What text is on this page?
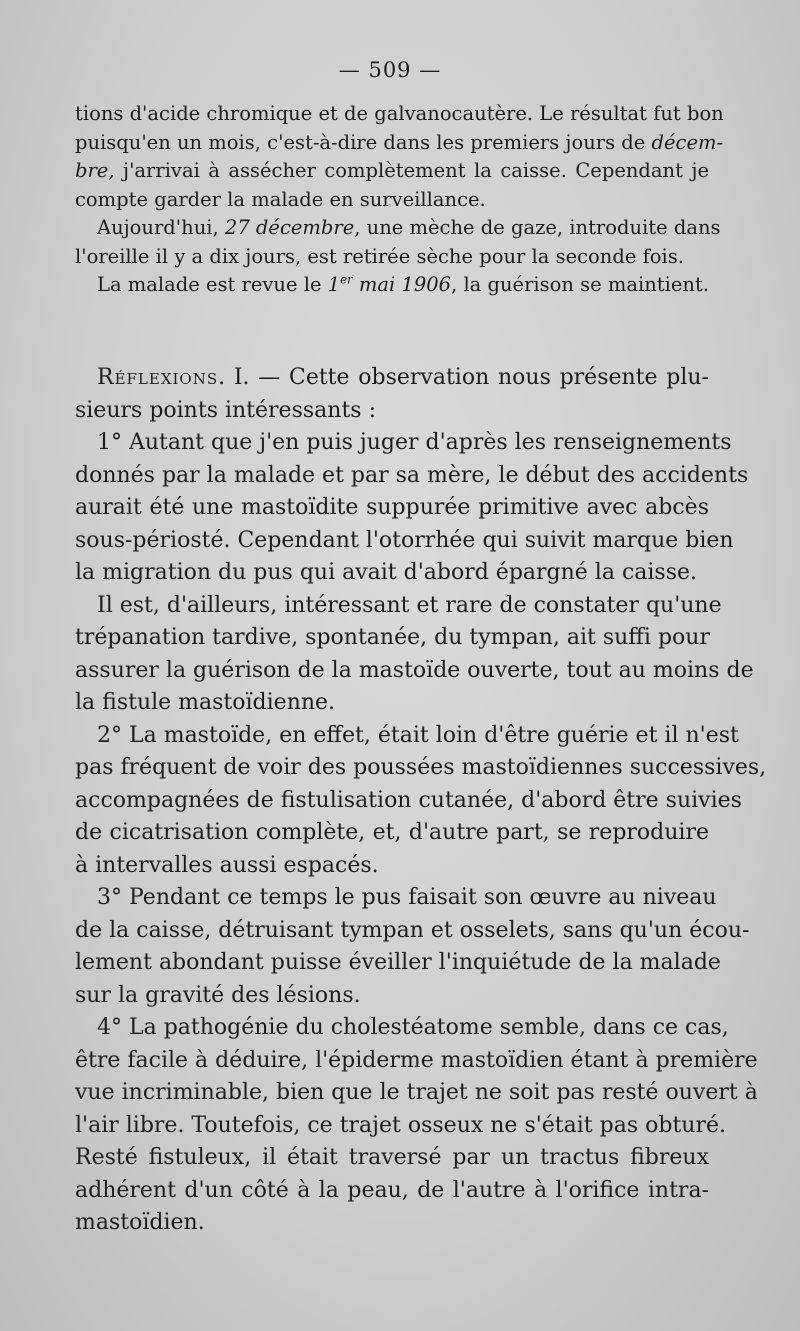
— 509 —
tions d'acide chromique et de galvanocautère. Le résultat fut bon
puisqu'en un mois, c'est-à-dire dans les premiers jours de décem-
bre, j'arrivai à assécher complètement la caisse. Cependant je
compte garder la malade en surveillance.
Aujourd'hui, 27 décembre, une mèche de gaze, introduite dans
l'oreille il y a dix jours, est retirée sèche pour la seconde fois.
La malade est revue le 1er mai 1906, la guérison se maintient.
Réflexions. I. — Cette observation nous présente plu-
sieurs points intéressants :
1° Autant que j'en puis juger d'après les renseignements
donnés par la malade et par sa mère, le début des accidents
aurait été une mastoïdite suppurée primitive avec abcès
sous-périosté. Cependant l'otorrhée qui suivit marque bien
la migration du pus qui avait d'abord épargné la caisse.
Il est, d'ailleurs, intéressant et rare de constater qu'une
trépanation tardive, spontanée, du tympan, ait suffi pour
assurer la guérison de la mastoïde ouverte, tout au moins de
la fistule mastoïdienne.
2° La mastoïde, en effet, était loin d'être guérie et il n'est
pas fréquent de voir des poussées mastoïdiennes successives,
accompagnées de fistulisation cutanée, d'abord être suivies
de cicatrisation complète, et, d'autre part, se reproduire
à intervalles aussi espacés.
3° Pendant ce temps le pus faisait son œuvre au niveau
de la caisse, détruisant tympan et osselets, sans qu'un écou-
lement abondant puisse éveiller l'inquiétude de la malade
sur la gravité des lésions.
4° La pathogénie du cholestéatome semble, dans ce cas,
être facile à déduire, l'épiderme mastoïdien étant à première
vue incriminable, bien que le trajet ne soit pas resté ouvert à
l'air libre. Toutefois, ce trajet osseux ne s'était pas obturé.
Resté fistuleux, il était traversé par un tractus fibreux
adhérent d'un côté à la peau, de l'autre à l'orifice intra-
mastoïdien.
